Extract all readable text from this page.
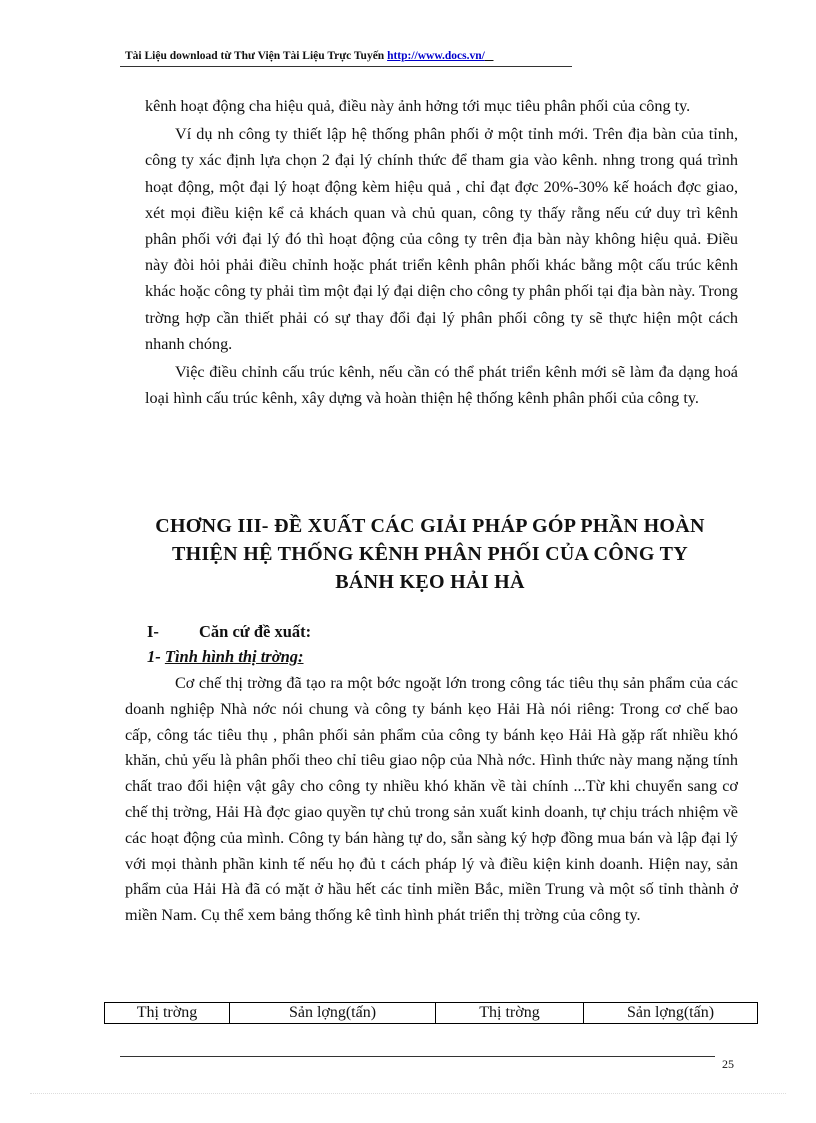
Tài Liệu download từ Thư Viện Tài Liệu Trực Tuyến http://www.docs.vn/

kênh hoạt động cha hiệu quả, điều này ảnh hởng tới mục tiêu phân phối của công ty.

Ví dụ nh công ty thiết lập hệ thống phân phối ở một tỉnh mới. Trên địa bàn của tỉnh, công ty xác định lựa chọn 2 đại lý chính thức để tham gia vào kênh. nhng trong quá trình hoạt động, một đại lý hoạt động kèm hiệu quả , chỉ đạt đợc 20%-30% kế hoách đợc giao, xét mọi điều kiện kể cả khách quan và chủ quan, công ty thấy rằng nếu cứ duy trì kênh phân phối với đại lý đó thì hoạt động của công ty trên địa bàn này không hiệu quả. Điều này đòi hỏi phải điều chỉnh hoặc phát triển kênh phân phối khác bằng một cấu trúc kênh khác hoặc công ty phải tìm một đại lý đại diện cho công ty phân phối tại địa bàn này. Trong trờng hợp cần thiết phải có sự thay đổi đại lý phân phối công ty sẽ thực hiện một cách nhanh chóng.

Việc điều chỉnh cấu trúc kênh, nếu cần có thể phát triển kênh mới sẽ làm đa dạng hoá loại hình cấu trúc kênh, xây dựng và hoàn thiện hệ thống kênh phân phối của công ty.

CHƠNG III- ĐỀ XUẤT CÁC GIẢI PHÁP GÓP PHẦN HOÀN
THIỆN HỆ THỐNG KÊNH PHÂN PHỐI CỦA CÔNG TY
BÁNH KẸO HẢI HÀ
I- Căn cứ đề xuất:
1- Tình hình thị trờng:

Cơ chế thị trờng đã tạo ra một bớc ngoặt lớn trong công tác tiêu thụ sản phẩm của các doanh nghiệp Nhà nớc nói chung và công ty bánh kẹo Hải Hà nói riêng: Trong cơ chế bao cấp, công tác tiêu thụ , phân phối sản phẩm của công ty bánh kẹo Hải Hà gặp rất nhiều khó khăn, chủ yếu là phân phối theo chỉ tiêu giao nộp của Nhà nớc. Hình thức này mang nặng tính chất trao đổi hiện vật gây cho công ty nhiều khó khăn về tài chính ...Từ khi chuyển sang cơ chế thị trờng, Hải Hà đợc giao quyền tự chủ trong sản xuất kinh doanh, tự chịu trách nhiệm về các hoạt động của mình. Công ty bán hàng tự do, sẵn sàng ký hợp đồng mua bán và lập đại lý với mọi thành phần kinh tế nếu họ đủ t cách pháp lý và điều kiện kinh doanh. Hiện nay, sản phẩm của Hải Hà đã có mặt ở hầu hết các tỉnh miền Bắc, miền Trung và một số tỉnh thành ở miền Nam. Cụ thể xem bảng thống kê tình hình phát triển thị trờng của công ty.

Thị trờng	Sản lợng(tấn)	Thị trờng	Sản lợng(tấn)
25
